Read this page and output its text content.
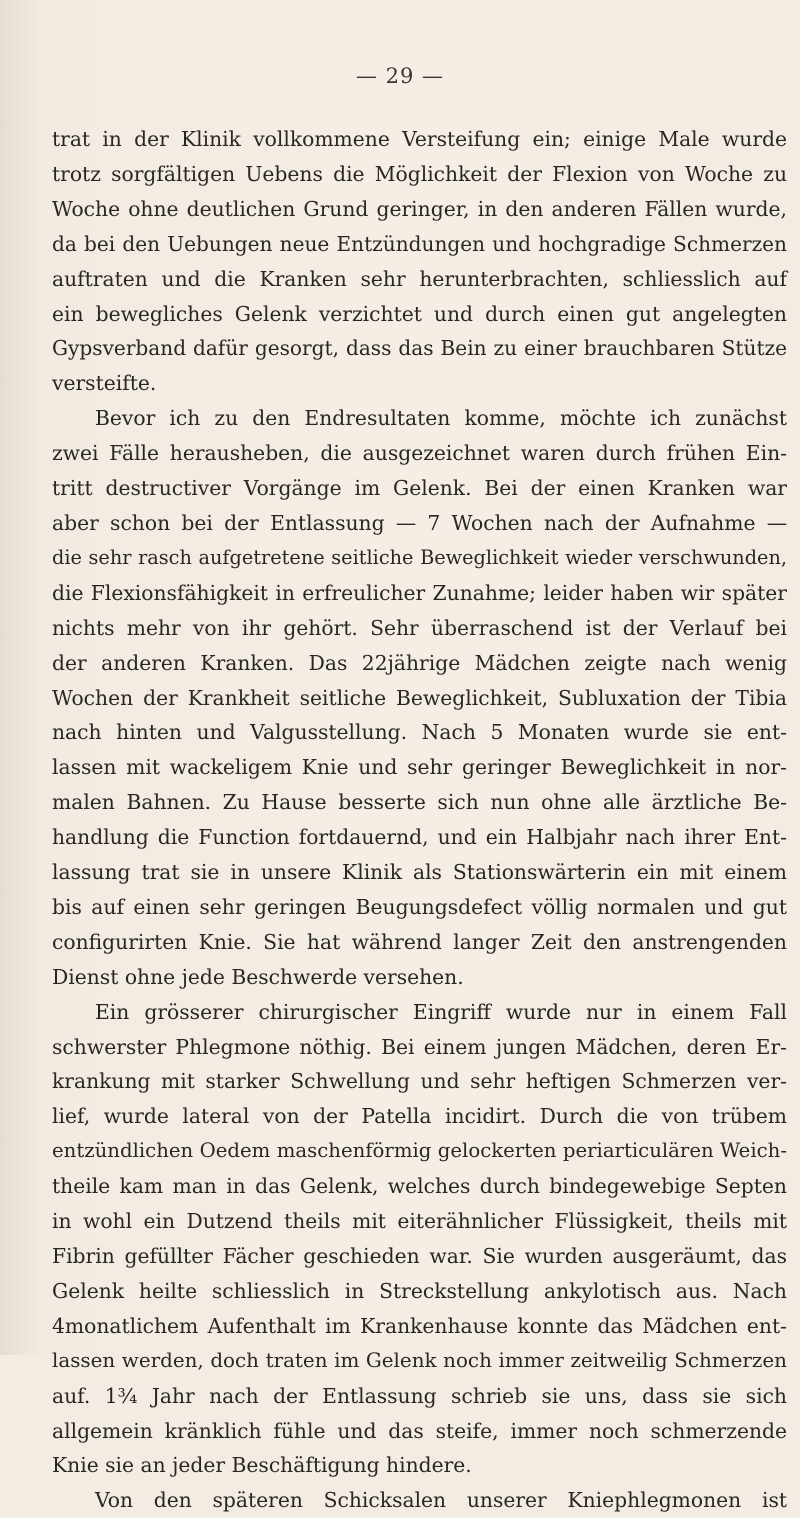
— 29 —
trat in der Klinik vollkommene Versteifung ein; einige Male wurde
trotz sorgfältigen Uebens die Möglichkeit der Flexion von Woche zu
Woche ohne deutlichen Grund geringer, in den anderen Fällen wurde,
da bei den Uebungen neue Entzündungen und hochgradige Schmerzen
auftraten und die Kranken sehr herunterbrachten, schliesslich auf
ein bewegliches Gelenk verzichtet und durch einen gut angelegten
Gypsverband dafür gesorgt, dass das Bein zu einer brauchbaren Stütze
versteifte.
Bevor ich zu den Endresultaten komme, möchte ich zunächst
zwei Fälle herausheben, die ausgezeichnet waren durch frühen Ein-
tritt destructiver Vorgänge im Gelenk. Bei der einen Kranken war
aber schon bei der Entlassung — 7 Wochen nach der Aufnahme —
die sehr rasch aufgetretene seitliche Beweglichkeit wieder verschwunden,
die Flexionsfähigkeit in erfreulicher Zunahme; leider haben wir später
nichts mehr von ihr gehört. Sehr überraschend ist der Verlauf bei
der anderen Kranken. Das 22jährige Mädchen zeigte nach wenig
Wochen der Krankheit seitliche Beweglichkeit, Subluxation der Tibia
nach hinten und Valgusstellung. Nach 5 Monaten wurde sie ent-
lassen mit wackeligem Knie und sehr geringer Beweglichkeit in nor-
malen Bahnen. Zu Hause besserte sich nun ohne alle ärztliche Be-
handlung die Function fortdauernd, und ein Halbjahr nach ihrer Ent-
lassung trat sie in unsere Klinik als Stationswärterin ein mit einem
bis auf einen sehr geringen Beugungsdefect völlig normalen und gut
configurirten Knie. Sie hat während langer Zeit den anstrengenden
Dienst ohne jede Beschwerde versehen.
Ein grösserer chirurgischer Eingriff wurde nur in einem Fall
schwerster Phlegmone nöthig. Bei einem jungen Mädchen, deren Er-
krankung mit starker Schwellung und sehr heftigen Schmerzen ver-
lief, wurde lateral von der Patella incidirt. Durch die von trübem
entzündlichen Oedem maschenförmig gelockerten periarticulären Weich-
theile kam man in das Gelenk, welches durch bindegewebige Septen
in wohl ein Dutzend theils mit eiterähnlicher Flüssigkeit, theils mit
Fibrin gefüllter Fächer geschieden war. Sie wurden ausgeräumt, das
Gelenk heilte schliesslich in Streckstellung ankylotisch aus. Nach
4monatlichem Aufenthalt im Krankenhause konnte das Mädchen ent-
lassen werden, doch traten im Gelenk noch immer zeitweilig Schmerzen
auf. 1¾ Jahr nach der Entlassung schrieb sie uns, dass sie sich
allgemein kränklich fühle und das steife, immer noch schmerzende
Knie sie an jeder Beschäftigung hindere.
Von den späteren Schicksalen unserer Kniephlegmonen ist
